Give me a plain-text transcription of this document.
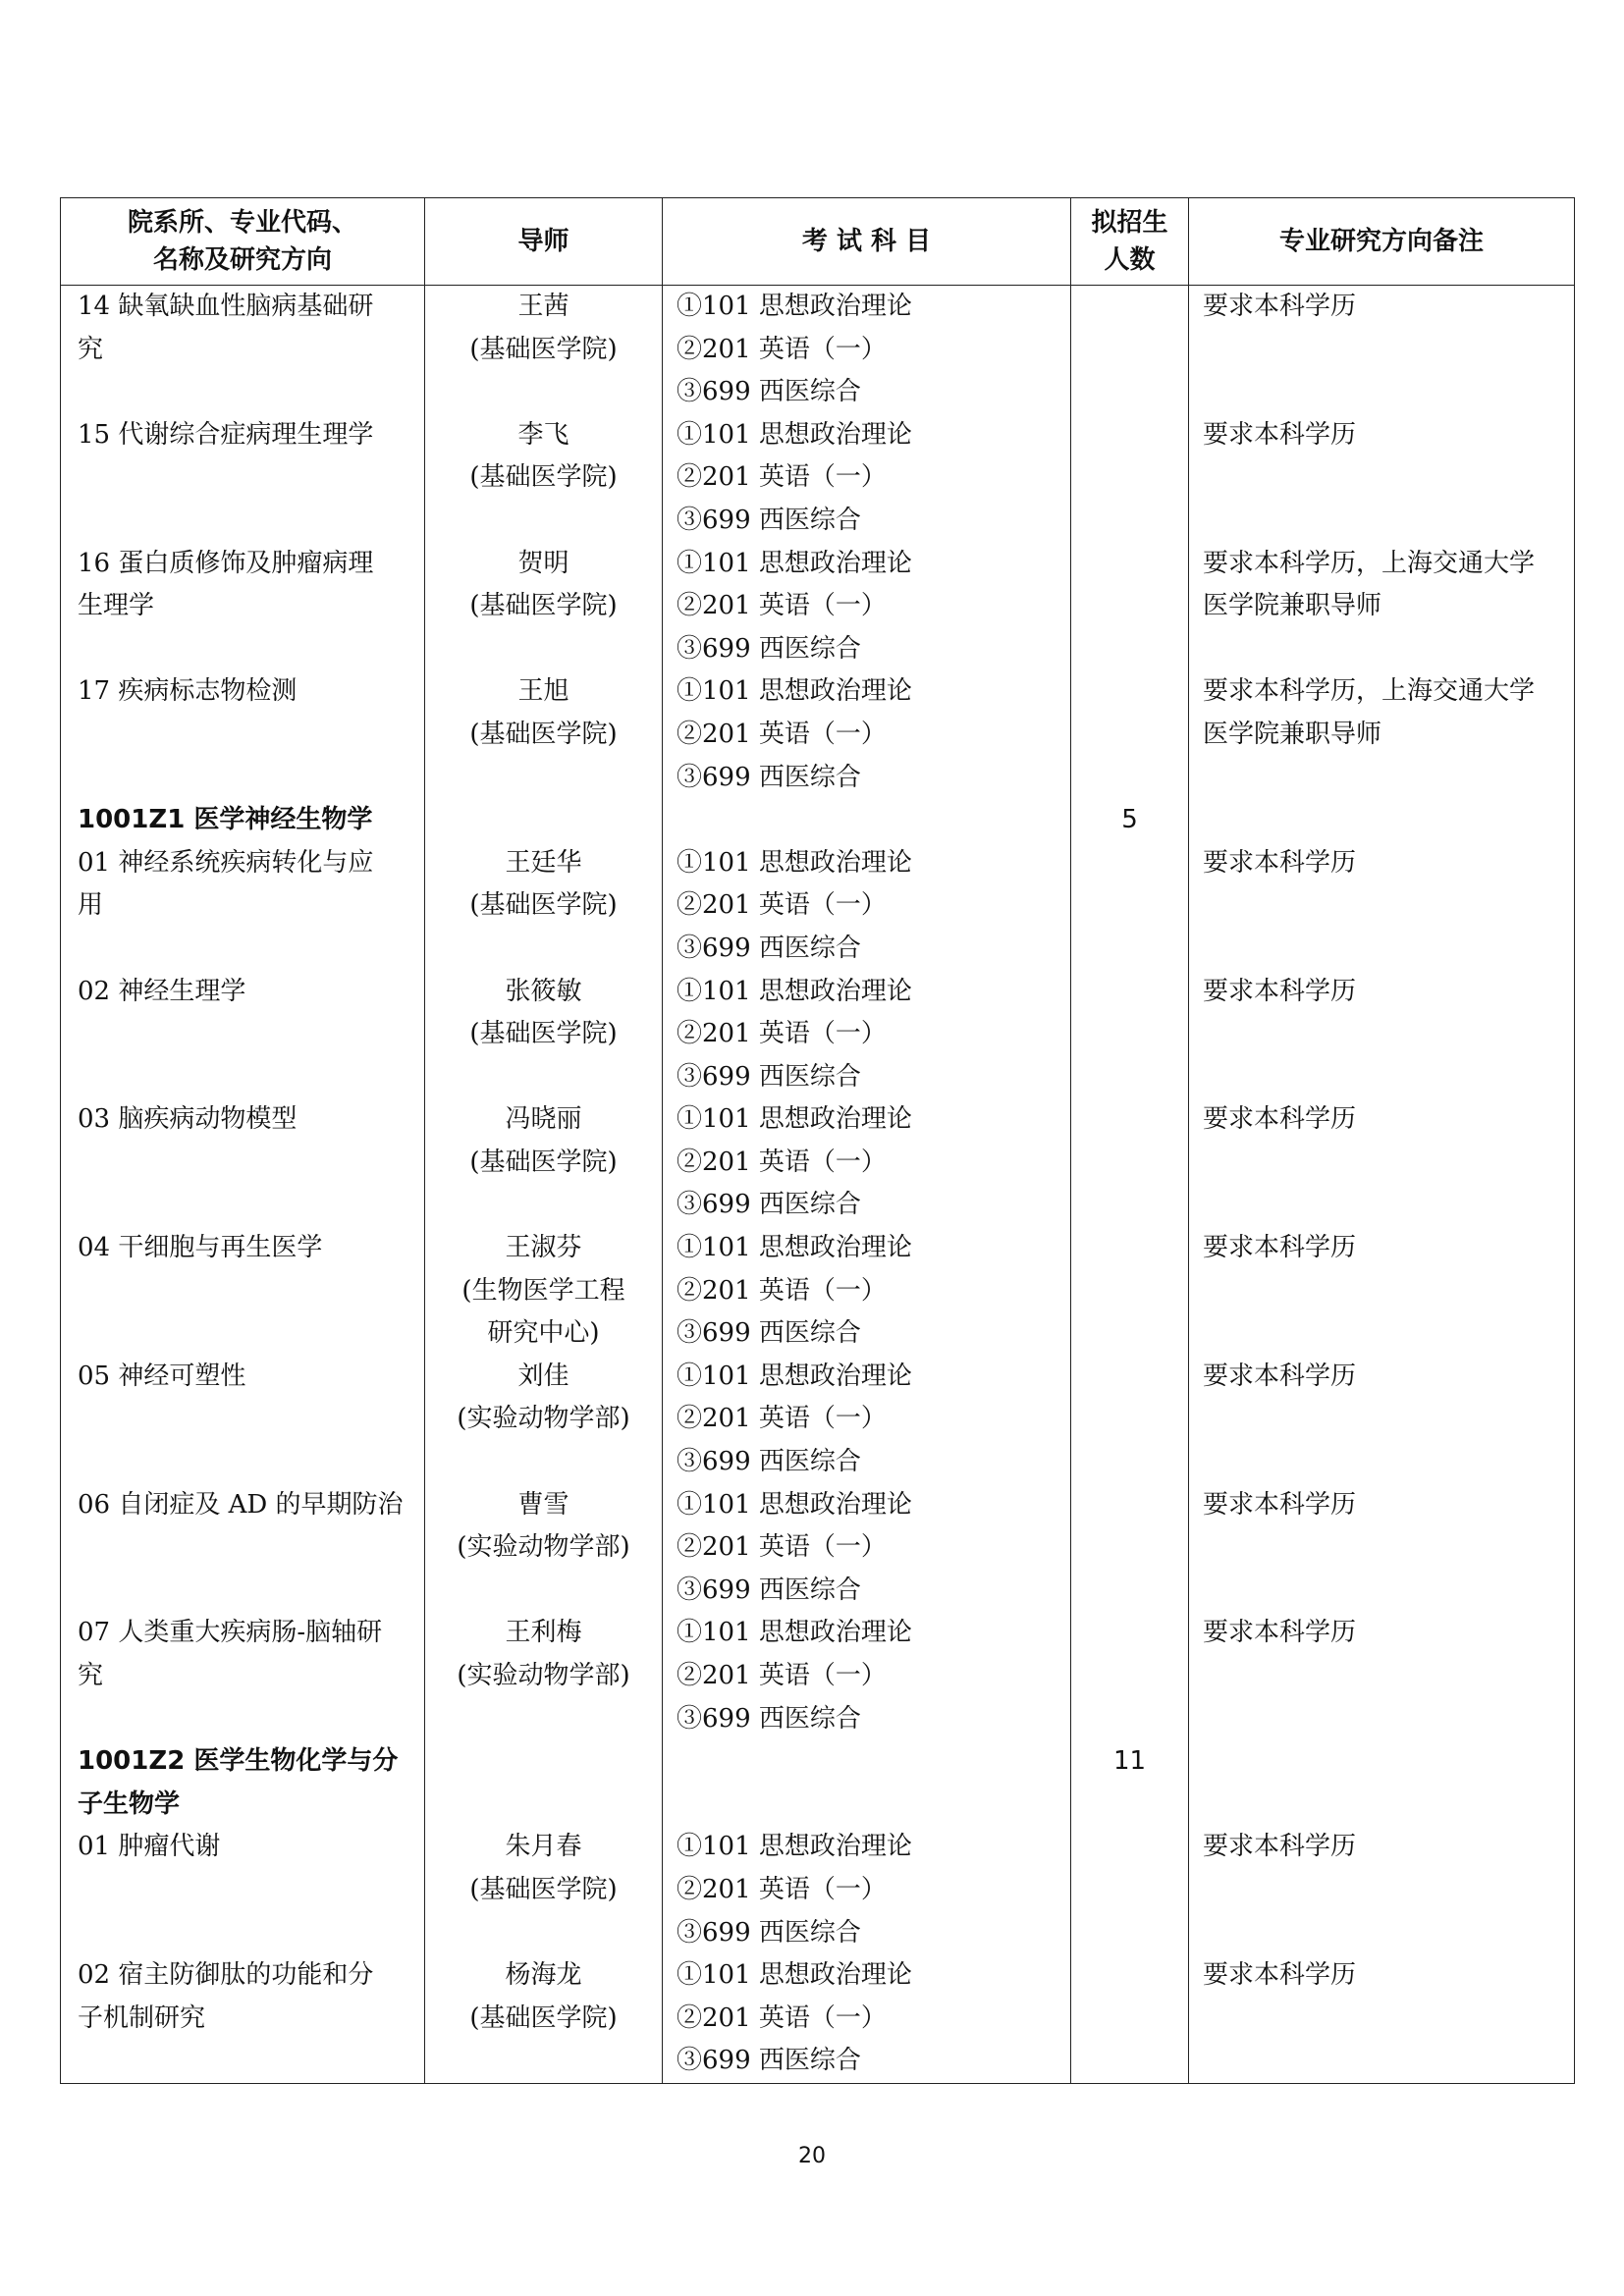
院系所、专业代码、
名称及研究方向	导师	考 试 科 目	拟招生
人数	专业研究方向备注

14 缺氧缺血性脑病基础研
究	王茜
(基础医学院)	①101 思想政治理论
②201 英语（一）
③699 西医综合		要求本科学历

15 代谢综合症病理生理学	李飞
(基础医学院)	①101 思想政治理论
②201 英语（一）
③699 西医综合		要求本科学历

16 蛋白质修饰及肿瘤病理
生理学	贺明
(基础医学院)	①101 思想政治理论
②201 英语（一）
③699 西医综合		要求本科学历，上海交通大学
医学院兼职导师

17 疾病标志物检测	王旭
(基础医学院)	①101 思想政治理论
②201 英语（一）
③699 西医综合		要求本科学历，上海交通大学
医学院兼职导师

1001Z1 医学神经生物学			5	

01 神经系统疾病转化与应
用	王廷华
(基础医学院)	①101 思想政治理论
②201 英语（一）
③699 西医综合		要求本科学历

02 神经生理学	张筱敏
(基础医学院)	①101 思想政治理论
②201 英语（一）
③699 西医综合		要求本科学历

03 脑疾病动物模型	冯晓丽
(基础医学院)	①101 思想政治理论
②201 英语（一）
③699 西医综合		要求本科学历

04 干细胞与再生医学	王淑芬
(生物医学工程
研究中心)	①101 思想政治理论
②201 英语（一）
③699 西医综合		要求本科学历

05 神经可塑性	刘佳
(实验动物学部)	①101 思想政治理论
②201 英语（一）
③699 西医综合		要求本科学历

06 自闭症及 AD 的早期防治	曹雪
(实验动物学部)	①101 思想政治理论
②201 英语（一）
③699 西医综合		要求本科学历

07 人类重大疾病肠-脑轴研
究	王利梅
(实验动物学部)	①101 思想政治理论
②201 英语（一）
③699 西医综合		要求本科学历

1001Z2 医学生物化学与分
子生物学			11	

01 肿瘤代谢	朱月春
(基础医学院)	①101 思想政治理论
②201 英语（一）
③699 西医综合		要求本科学历

02 宿主防御肽的功能和分
子机制研究	杨海龙
(基础医学院)	①101 思想政治理论
②201 英语（一）
③699 西医综合		要求本科学历
20
